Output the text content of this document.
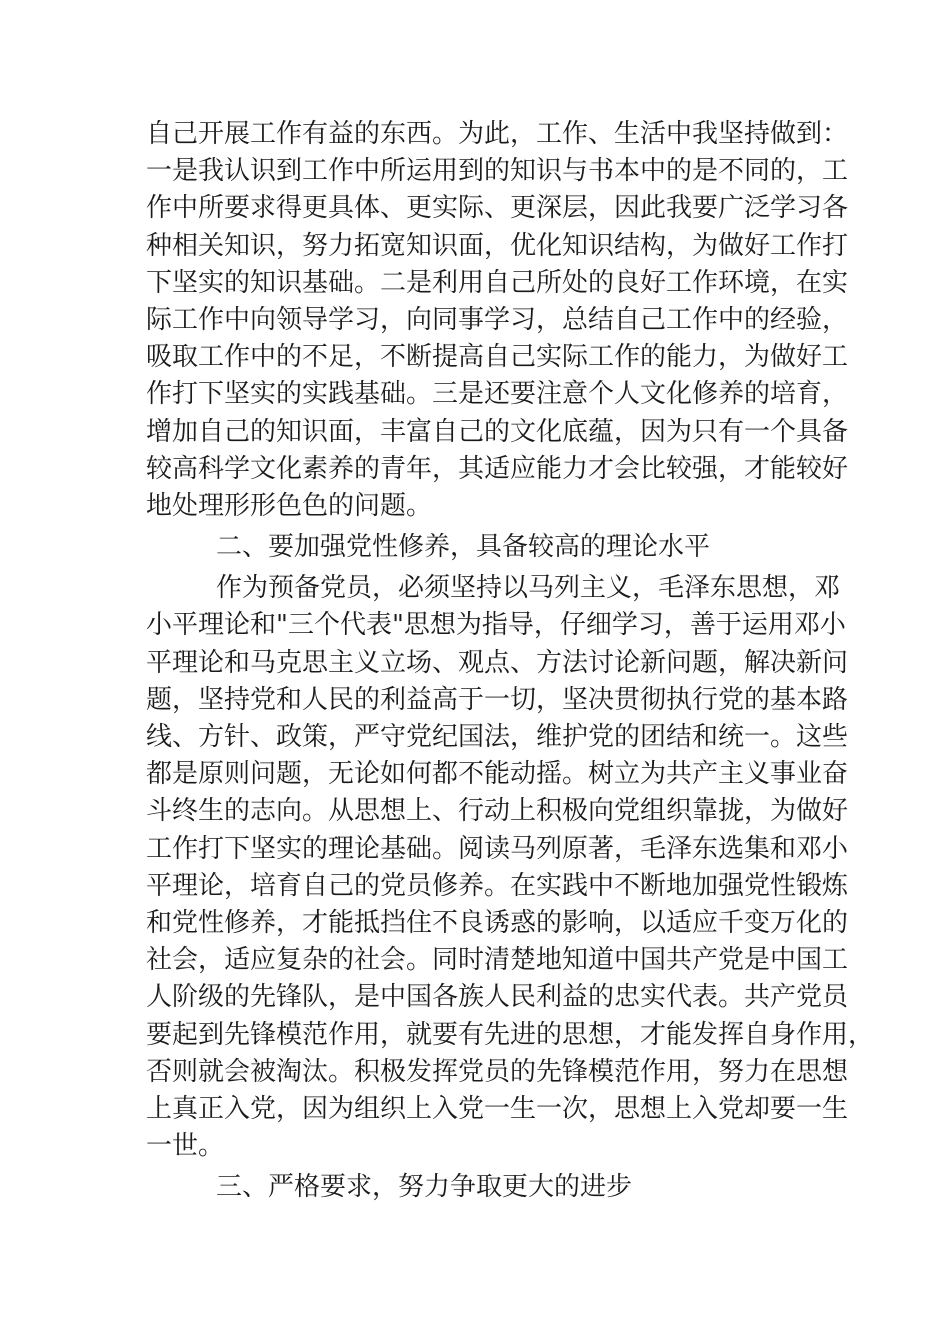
自己开展工作有益的东西。为此，工作、生活中我坚持做到：
一是我认识到工作中所运用到的知识与书本中的是不同的，工
作中所要求得更具体、更实际、更深层，因此我要广泛学习各
种相关知识，努力拓宽知识面，优化知识结构，为做好工作打
下坚实的知识基础。二是利用自己所处的良好工作环境，在实
际工作中向领导学习，向同事学习，总结自己工作中的经验，
吸取工作中的不足，不断提高自己实际工作的能力，为做好工
作打下坚实的实践基础。三是还要注意个人文化修养的培育，
增加自己的知识面，丰富自己的文化底蕴，因为只有一个具备
较高科学文化素养的青年，其适应能力才会比较强，才能较好
地处理形形色色的问题。
二、要加强党性修养，具备较高的理论水平
作为预备党员，必须坚持以马列主义，毛泽东思想，邓
小平理论和"三个代表"思想为指导，仔细学习，善于运用邓小
平理论和马克思主义立场、观点、方法讨论新问题，解决新问
题，坚持党和人民的利益高于一切，坚决贯彻执行党的基本路
线、方针、政策，严守党纪国法，维护党的团结和统一。这些
都是原则问题，无论如何都不能动摇。树立为共产主义事业奋
斗终生的志向。从思想上、行动上积极向党组织靠拢，为做好
工作打下坚实的理论基础。阅读马列原著，毛泽东选集和邓小
平理论，培育自己的党员修养。在实践中不断地加强党性锻炼
和党性修养，才能抵挡住不良诱惑的影响，以适应千变万化的
社会，适应复杂的社会。同时清楚地知道中国共产党是中国工
人阶级的先锋队，是中国各族人民利益的忠实代表。共产党员
要起到先锋模范作用，就要有先进的思想，才能发挥自身作用，
否则就会被淘汰。积极发挥党员的先锋模范作用，努力在思想
上真正入党，因为组织上入党一生一次，思想上入党却要一生
一世。
三、严格要求，努力争取更大的进步
